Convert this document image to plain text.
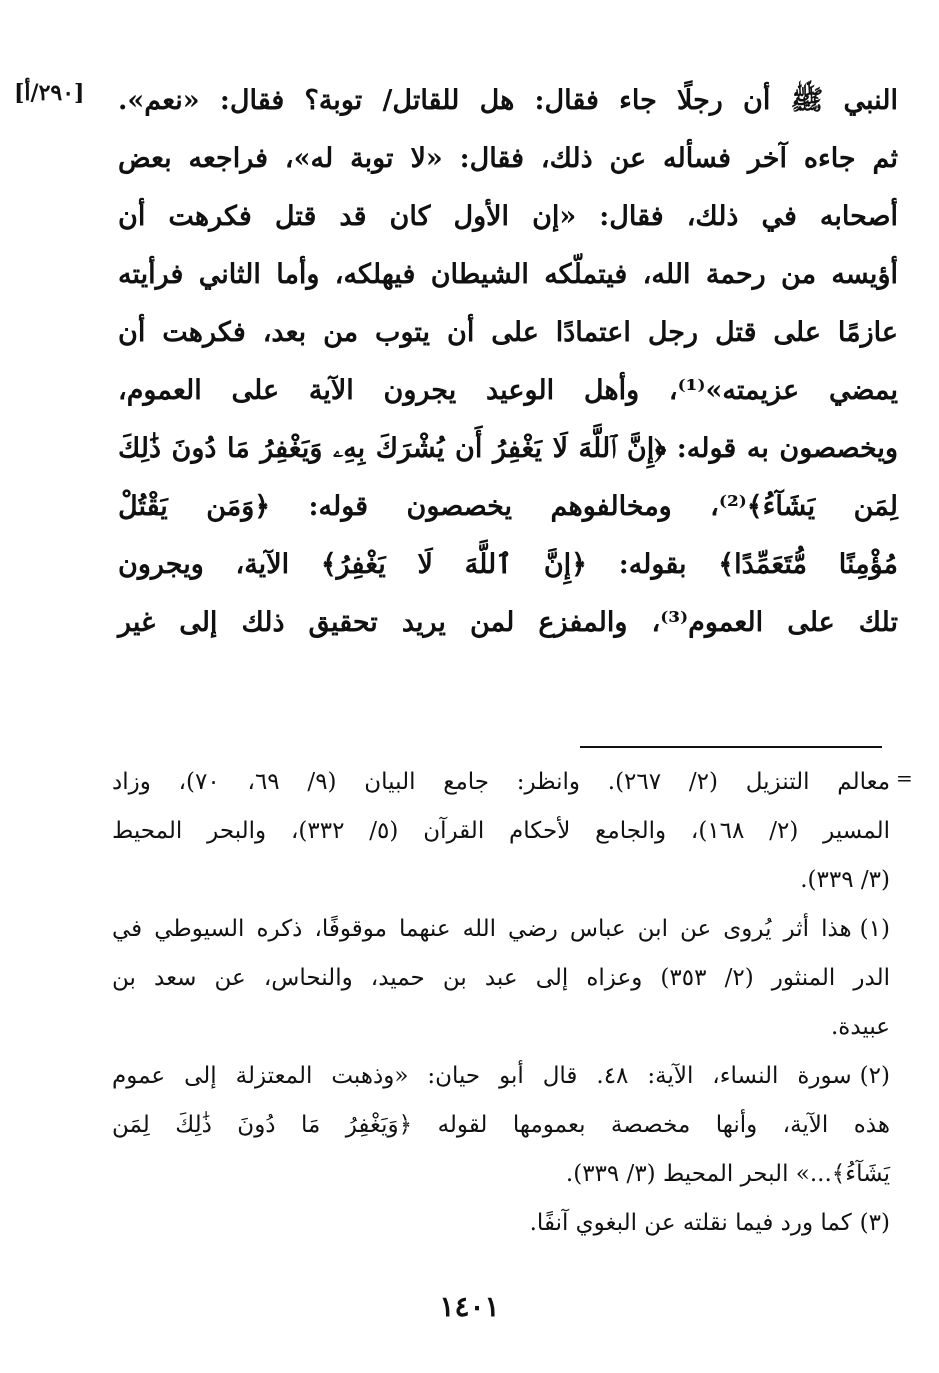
[۲۹۰/أ] النبي ﷺ أن رجلًا جاء فقال: هل للقاتل/ توبة؟ فقال: «نعم».
ثم جاءه آخر فسأله عن ذلك، فقال: «لا توبة له»، فراجعه بعض
أصحابه في ذلك، فقال: «إن الأول كان قد قتل فكرهت أن
أؤيسه من رحمة الله، فيتملّكه الشيطان فيهلكه، وأما الثاني فرأيته
عازمًا على قتل رجل اعتمادًا على أن يتوب من بعد، فكرهت أن
يمضي عزيمته»⁽¹⁾، وأهل الوعيد يجرون الآية على العموم،
ويخصصون به قوله: ﴿إِنَّ ٱللَّهَ لَا يَغْفِرُ أَن يُشْرَكَ بِهِۦ وَيَغْفِرُ مَا دُونَ ذَٰلِكَ
لِمَن يَشَآءُ﴾⁽²⁾، ومخالفوهم يخصصون قوله: ﴿وَمَن يَقْتُلْ
مُؤْمِنًا مُّتَعَمِّدًا﴾ بقوله: ﴿إِنَّ ٱللَّهَ لَا يَغْفِرُ﴾ الآية، ويجرون
تلك على العموم⁽³⁾، والمفزع لمن يريد تحقيق ذلك إلى غير
=
معالم التنزيل (٢/ ٢٦٧). وانظر: جامع البيان (٩/ ٦٩، ٧٠)، وزاد
المسير (٢/ ١٦٨)، والجامع لأحكام القرآن (٥/ ٣٣٢)، والبحر المحيط
(٣/ ٣٣٩).
(١)هذا أثر يُروى عن ابن عباس رضي الله عنهما موقوفًا، ذكره السيوطي في
الدر المنثور (٢/ ٣٥٣) وعزاه إلى عبد بن حميد، والنحاس، عن سعد بن
عبيدة.
(٢)سورة النساء، الآية: ٤٨. قال أبو حيان: «وذهبت المعتزلة إلى عموم
هذه الآية، وأنها مخصصة بعمومها لقوله ﴿وَيَغْفِرُ مَا دُونَ ذَٰلِكَ لِمَن
يَشَآءُ﴾...» البحر المحيط (٣/ ٣٣٩).
(٣)كما ورد فيما نقلته عن البغوي آنفًا.
١٤٠١
